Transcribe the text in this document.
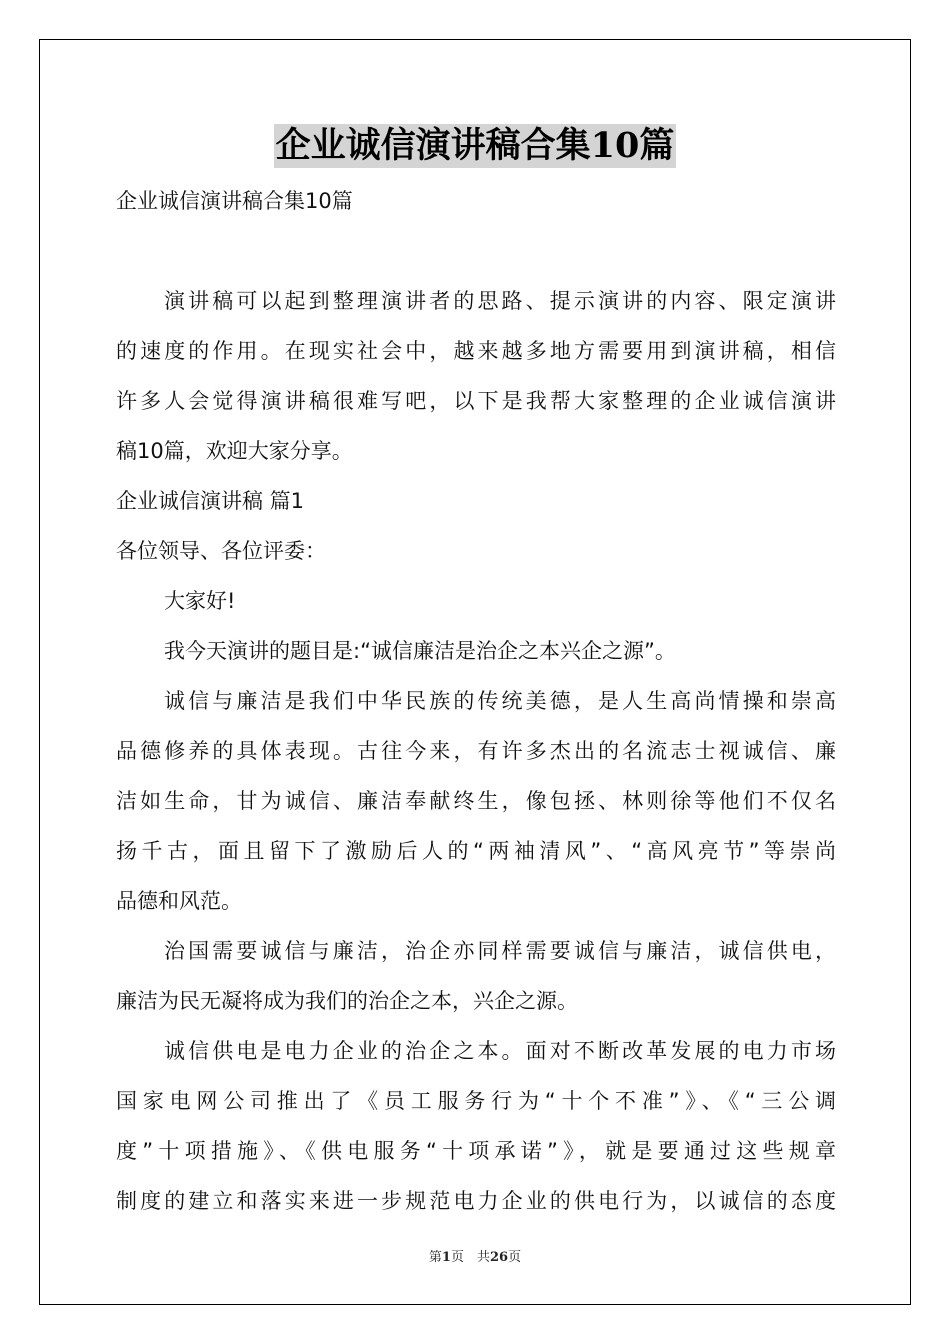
企业诚信演讲稿合集10篇
企业诚信演讲稿合集10篇
演讲稿可以起到整理演讲者的思路、提示演讲的内容、限定演讲
的速度的作用。在现实社会中，越来越多地方需要用到演讲稿，相信
许多人会觉得演讲稿很难写吧，以下是我帮大家整理的企业诚信演讲
稿10篇，欢迎大家分享。
企业诚信演讲稿 篇1
各位领导、各位评委：
大家好!
我今天演讲的题目是:“诚信廉洁是治企之本兴企之源”。
诚信与廉洁是我们中华民族的传统美德，是人生高尚情操和崇高
品德修养的具体表现。古往今来，有许多杰出的名流志士视诚信、廉
洁如生命，甘为诚信、廉洁奉献终生，像包拯、林则徐等他们不仅名
扬千古，面且留下了激励后人的“两袖清风”、“高风亮节”等崇尚
品德和风范。
治国需要诚信与廉洁，治企亦同样需要诚信与廉洁，诚信供电，
廉洁为民无凝将成为我们的治企之本，兴企之源。
诚信供电是电力企业的治企之本。面对不断改革发展的电力市场
国家电网公司推出了《员工服务行为“十个不准”》、《“三公调
度”十项措施》、《供电服务“十项承诺”》，就是要通过这些规章
制度的建立和落实来进一步规范电力企业的供电行为，以诚信的态度
第1页　共26页
